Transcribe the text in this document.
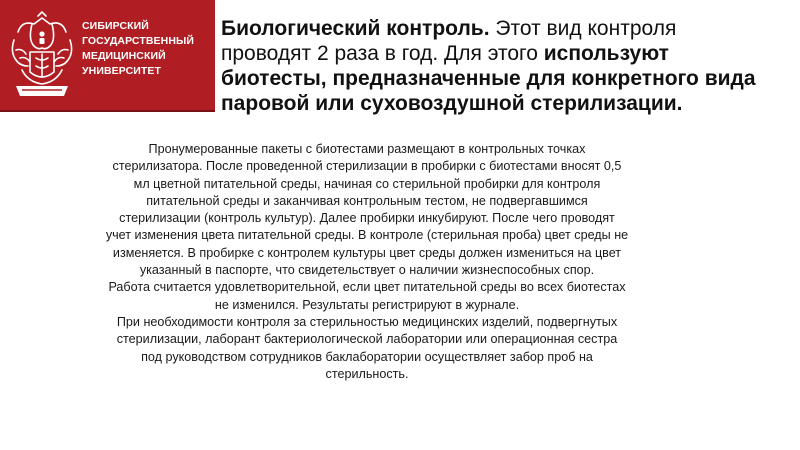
СИБИРСКИЙ
ГОСУДАРСТВЕННЫЙ
МЕДИЦИНСКИЙ
УНИВЕРСИТЕТ
Биологический контроль. Этот вид контроля
проводят 2 раза в год. Для этого используют
биотесты, предназначенные для конкретного вида
паровой или суховоздушной стерилизации.
Пронумерованные пакеты с биотестами размещают в контрольных точках
стерилизатора. После проведенной стерилизации в пробирки с биотестами вносят 0,5
мл цветной питательной среды, начиная со стерильной пробирки для контроля
питательной среды и заканчивая контрольным тестом, не подвергавшимся
стерилизации (контроль культур). Далее пробирки инкубируют. После чего проводят
учет изменения цвета питательной среды. В контроле (стерильная проба) цвет среды не
изменяется. В пробирке с контролем культуры цвет среды должен измениться на цвет
указанный в паспорте, что свидетельствует о наличии жизнеспособных спор.
Работа считается удовлетворительной, если цвет питательной среды во всех биотестах
не изменился. Результаты регистрируют в журнале.
При необходимости контроля за стерильностью медицинских изделий, подвергнутых
стерилизации, лаборант бактериологической лаборатории или операционная сестра
под руководством сотрудников баклаборатории осуществляет забор проб на
стерильность.
